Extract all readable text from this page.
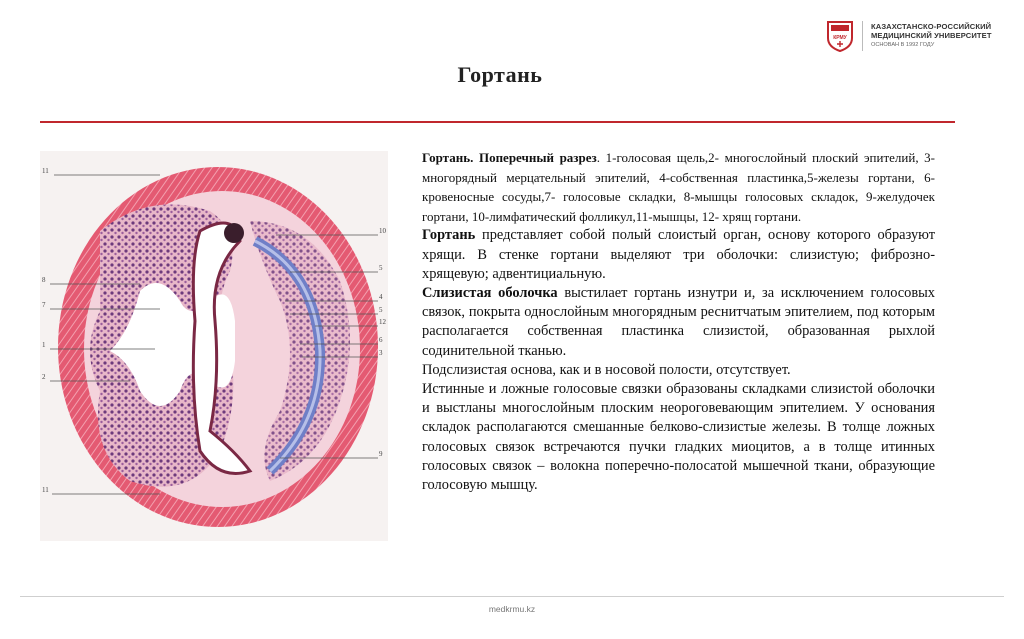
КРМУ
КАЗАХСТАНСКО-РОССИЙСКИЙ
МЕДИЦИНСКИЙ УНИВЕРСИТЕТ
ОСНОВАН В 1992 ГОДУ
Гортань
11
8
7
1
2
11
10
5
4
5
12
6
3
9

Гортань. Поперечный разрез. 1-голосовая щель,2- многослойный плоский эпителий, 3- многорядный мерцательный эпителий, 4-собственная пластинка,5-железы гортани, 6- кровеносные сосуды,7- голосовые складки, 8-мышцы голосовых складок, 9-желудочек гортани, 10-лимфатический фолликул,11-мышцы, 12- хрящ гортани.

Гортань представляет собой полый слоистый орган, основу которого образуют хрящи. В стенке гортани выделяют три оболочки: слизистую; фиброзно-хрящевую; адвентициальную.

Слизистая оболочка выстилает гортань изнутри и, за исключением голосовых связок, покрыта однослойным многорядным реснитчатым эпителием, под которым располагается собственная пластинка слизистой, образованная рыхлой содинительной тканью.

Подслизистая основа, как и в носовой полости, отсутствует.

Истинные и ложные голосовые связки образованы складками слизистой оболочки и выстланы многослойным плоским неороговевающим эпителием. У основания складок располагаются смешанные белково-слизистые железы. В толще ложных голосовых связок встречаются пучки гладких миоцитов, а в толще итинных голосовых связок – волокна поперечно-полосатой мышечной ткани, образующие голосовую мышцу.

medkrmu.kz
